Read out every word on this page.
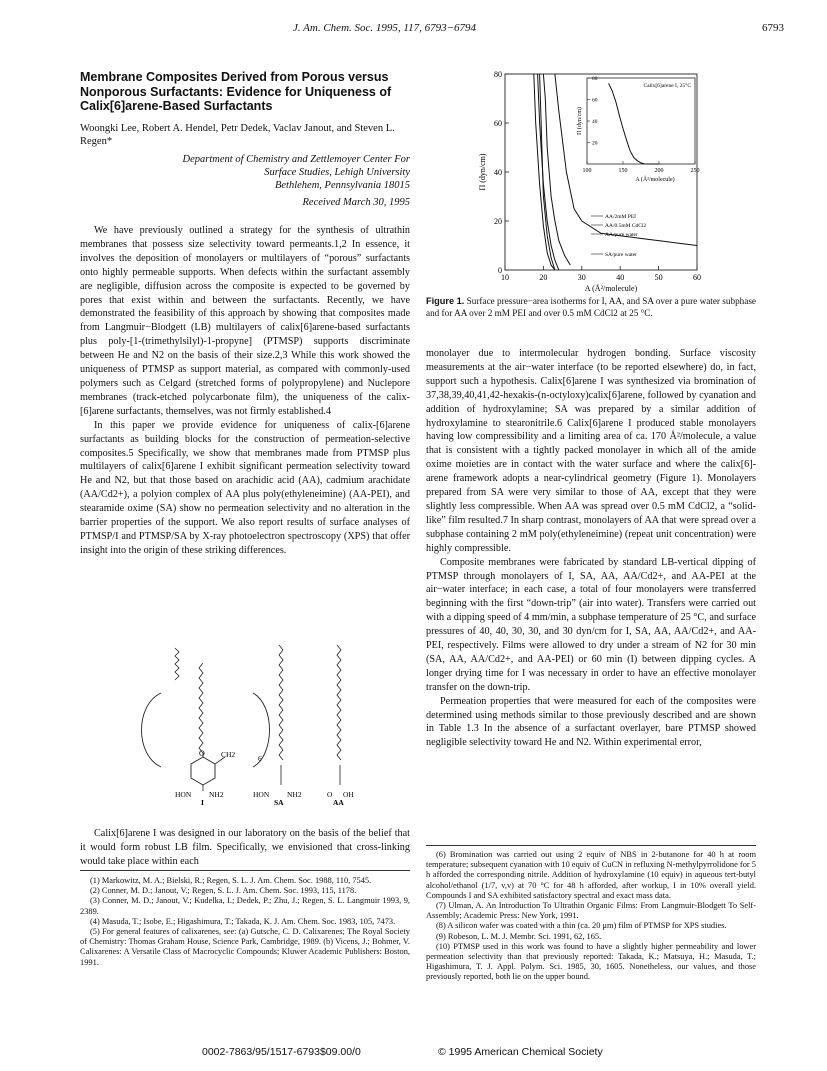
J. Am. Chem. Soc. 1995, 117, 6793−6794	6793
Membrane Composites Derived from Porous versus Nonporous Surfactants: Evidence for Uniqueness of Calix[6]arene-Based Surfactants
Woongki Lee, Robert A. Hendel, Petr Dedek, Vaclav Janout, and Steven L. Regen*
Department of Chemistry and Zettlemoyer Center For
Surface Studies, Lehigh University
Bethlehem, Pennsylvania 18015
Received March 30, 1995

We have previously outlined a strategy for the synthesis of ultrathin membranes that possess size selectivity toward permeants.1,2 In essence, it involves the deposition of monolayers or multilayers of “porous” surfactants onto highly permeable supports. When defects within the surfactant assembly are negligible, diffusion across the composite is expected to be governed by pores that exist within and between the surfactants. Recently, we have demonstrated the feasibility of this approach by showing that composites made from Langmuir−Blodgett (LB) multilayers of calix[6]arene-based surfactants plus poly-[1-(trimethylsilyl)-1-propyne] (PTMSP) supports discriminate between He and N2 on the basis of their size.2,3 While this work showed the uniqueness of PTMSP as support material, as compared with commonly-used polymers such as Celgard (stretched forms of polypropylene) and Nuclepore membranes (track-etched polycarbonate film), the uniqueness of the calix-[6]arene surfactants, themselves, was not firmly established.4

In this paper we provide evidence for uniqueness of calix-[6]arene surfactants as building blocks for the construction of permeation-selective composites.5 Specifically, we show that membranes made from PTMSP plus multilayers of calix[6]arene I exhibit significant permeation selectivity toward He and N2, but that those based on arachidic acid (AA), cadmium arachidate (AA/Cd2+), a polyion complex of AA plus poly(ethyleneimine) (AA-PEI), and stearamide oxime (SA) show no permeation selectivity and no alteration in the barrier properties of the support. We also report results of surface analyses of PTMSP/I and PTMSP/SA by X-ray photoelectron spectroscopy (XPS) that offer insight into the origin of these striking differences.

O CH2	6
HON NH2	HON NH2	O OH
I	SA	AA

Calix[6]arene I was designed in our laboratory on the basis of the belief that it would form robust LB film. Specifically, we envisioned that cross-linking would take place within each

(1) Markowitz, M. A.; Bielski, R.; Regen, S. L. J. Am. Chem. Soc. 1988, 110, 7545.

(2) Conner, M. D.; Janout, V.; Regen, S. L. J. Am. Chem. Soc. 1993, 115, 1178.

(3) Conner, M. D.; Janout, V.; Kudelka, I.; Dedek, P.; Zhu, J.; Regen, S. L. Langmuir 1993, 9, 2389.

(4) Masuda, T.; Isobe, E.; Higashimura, T.; Takada, K. J. Am. Chem. Soc. 1983, 105, 7473.

(5) For general features of calixarenes, see: (a) Gutsche, C. D. Calixarenes; The Royal Society of Chemistry: Thomas Graham House, Science Park, Cambridge, 1989. (b) Vicens, J.; Bohmer, V. Calixarenes: A Versatile Class of Macrocyclic Compounds; Kluwer Academic Publishers: Boston, 1991.

10	20	30	40	50	60
0
20
40
60
80
A (Å²/molecule)
Π (dyn/cm)
AA/2mM PEI
AA/0.5mM CdCl2
AA/pure water
SA/pure water
100	150	200	250
20
40
60
80
A (Å²/molecule)
Π (dyn/cm)
Calix[6]arene I, 25°C

Figure 1. Surface pressure−area isotherms for I, AA, and SA over a pure water subphase and for AA over 2 mM PEI and over 0.5 mM CdCl2 at 25 °C.

monolayer due to intermolecular hydrogen bonding. Surface viscosity measurements at the air−water interface (to be reported elsewhere) do, in fact, support such a hypothesis. Calix[6]arene I was synthesized via bromination of 37,38,39,40,41,42-hexakis-(n-octyloxy)calix[6]arene, followed by cyanation and addition of hydroxylamine; SA was prepared by a similar addition of hydroxylamine to stearonitrile.6 Calix[6]arene I produced stable monolayers having low compressibility and a limiting area of ca. 170 Å²/molecule, a value that is consistent with a tightly packed monolayer in which all of the amide oxime moieties are in contact with the water surface and where the calix[6]-arene framework adopts a near-cylindrical geometry (Figure 1). Monolayers prepared from SA were very similar to those of AA, except that they were slightly less compressible. When AA was spread over 0.5 mM CdCl2, a “solid-like” film resulted.7 In sharp contrast, monolayers of AA that were spread over a subphase containing 2 mM poly(ethyleneimine) (repeat unit concentration) were highly compressible.

Composite membranes were fabricated by standard LB-vertical dipping of PTMSP through monolayers of I, SA, AA, AA/Cd2+, and AA-PEI at the air−water interface; in each case, a total of four monolayers were transferred beginning with the first “down-trip” (air into water). Transfers were carried out with a dipping speed of 4 mm/min, a subphase temperature of 25 °C, and surface pressures of 40, 40, 30, 30, and 30 dyn/cm for I, SA, AA, AA/Cd2+, and AA-PEI, respectively. Films were allowed to dry under a stream of N2 for 30 min (SA, AA, AA/Cd2+, and AA-PEI) or 60 min (I) between dipping cycles. A longer drying time for I was necessary in order to have an effective monolayer transfer on the down-trip.

Permeation properties that were measured for each of the composites were determined using methods similar to those previously described and are shown in Table 1.3 In the absence of a surfactant overlayer, bare PTMSP showed negligible selectivity toward He and N2. Within experimental error,

(6) Bromination was carried out using 2 equiv of NBS in 2-butanone for 40 h at room temperature; subsequent cyanation with 10 equiv of CuCN in refluxing N-methylpyrrolidone for 5 h afforded the corresponding nitrile. Addition of hydroxylamine (10 equiv) in aqueous tert-butyl alcohol/ethanol (1/7, v,v) at 70 °C for 48 h afforded, after workup, I in 10% overall yield. Compounds I and SA exhibited satisfactory spectral and exact mass data.

(7) Ulman, A. An Introduction To Ultrathin Organic Films: From Langmuir-Blodgett To Self-Assembly; Academic Press: New York, 1991.

(8) A silicon wafer was coated with a thin (ca. 20 μm) film of PTMSP for XPS studies.

(9) Robeson, L. M. J. Membr. Sci. 1991, 62, 165.

(10) PTMSP used in this work was found to have a slightly higher permeability and lower permeation selectivity than that previously reported: Takada, K.; Matsuya, H.; Masuda, T.; Higashimura, T. J. Appl. Polym. Sci. 1985, 30, 1605. Nonetheless, our values, and those previously reported, both lie on the upper bound.

0002-7863/95/1517-6793$09.00/0	© 1995 American Chemical Society
